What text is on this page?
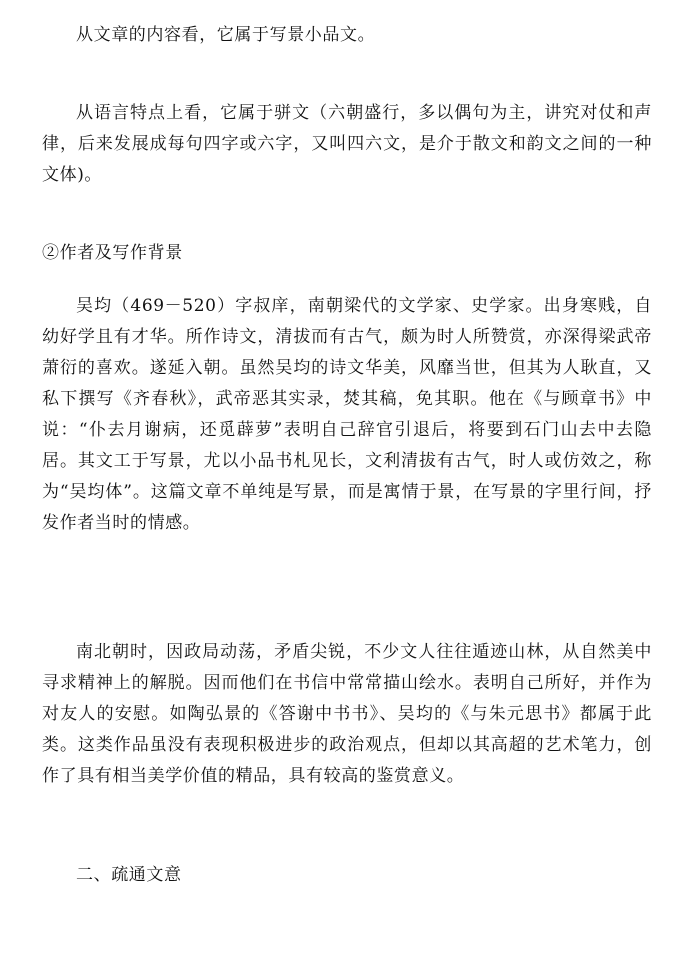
从文章的内容看，它属于写景小品文。

从语言特点上看，它属于骈文（六朝盛行，多以偶句为主，讲究对仗和声律，后来发展成每句四字或六字，又叫四六文，是介于散文和韵文之间的一种文体)。

②作者及写作背景

吴均（469－520）字叔庠，南朝梁代的文学家、史学家。出身寒贱，自幼好学且有才华。所作诗文，清拔而有古气，颇为时人所赞赏，亦深得梁武帝萧衍的喜欢。遂延入朝。虽然吴均的诗文华美，风靡当世，但其为人耿直，又私下撰写《齐春秋》，武帝恶其实录，焚其稿，免其职。他在《与顾章书》中说：“仆去月谢病，还觅薜萝”表明自己辞官引退后，将要到石门山去中去隐居。其文工于写景，尤以小品书札见长，文利清拔有古气，时人或仿效之，称为“吴均体”。这篇文章不单纯是写景，而是寓情于景，在写景的字里行间，抒发作者当时的情感。

南北朝时，因政局动荡，矛盾尖锐，不少文人往往遁迹山林，从自然美中寻求精神上的解脱。因而他们在书信中常常描山绘水。表明自己所好，并作为对友人的安慰。如陶弘景的《答谢中书书》、吴均的《与朱元思书》都属于此类。这类作品虽没有表现积极进步的政治观点，但却以其高超的艺术笔力，创作了具有相当美学价值的精品，具有较高的鉴赏意义。

二、疏通文意
